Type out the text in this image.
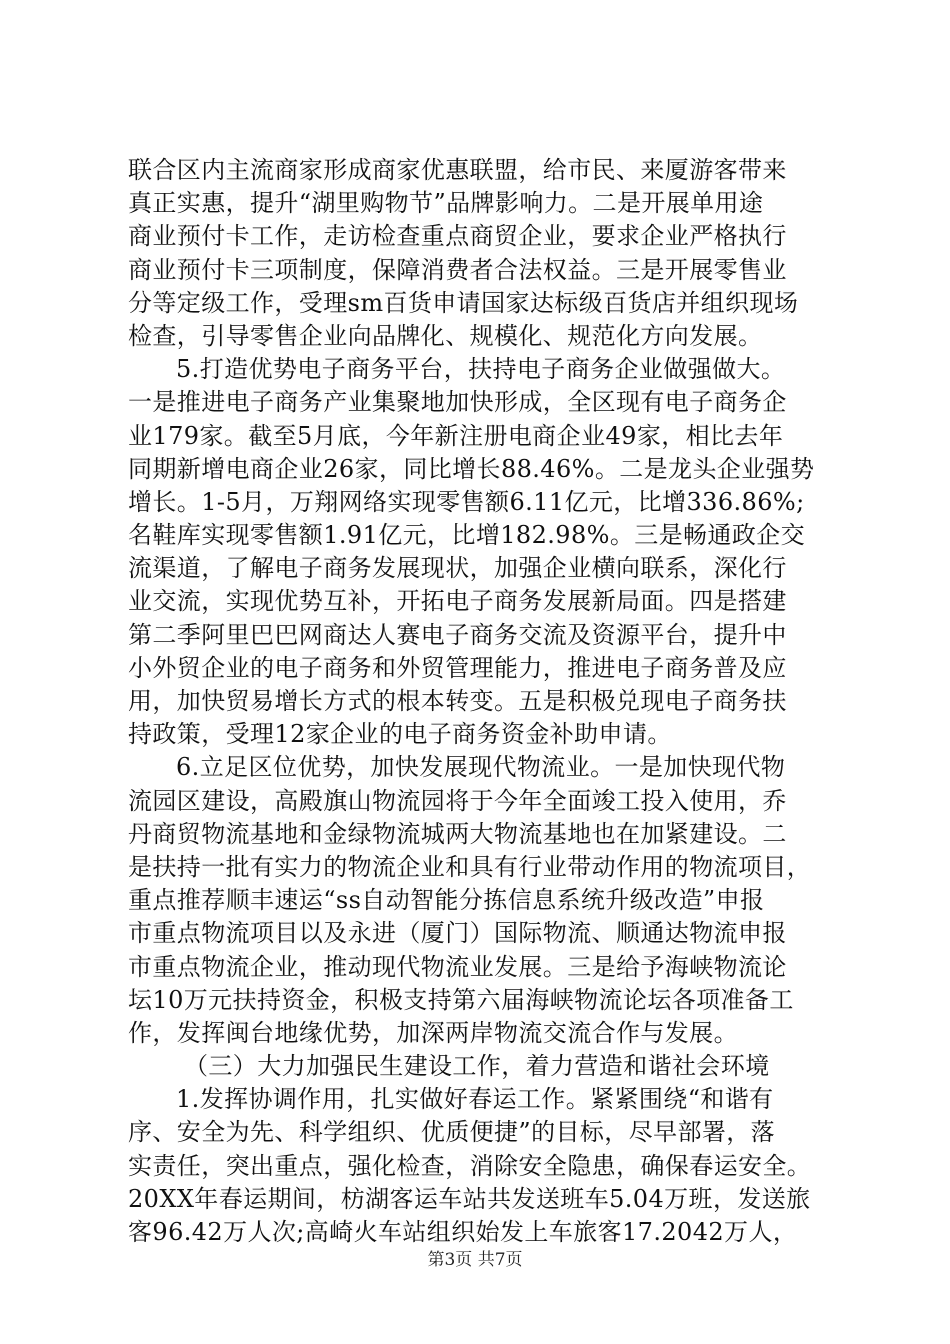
联合区内主流商家形成商家优惠联盟，给市民、来厦游客带来
真正实惠，提升“湖里购物节”品牌影响力。二是开展单用途
商业预付卡工作，走访检查重点商贸企业，要求企业严格执行
商业预付卡三项制度，保障消费者合法权益。三是开展零售业
分等定级工作，受理sm百货申请国家达标级百货店并组织现场
检查，引导零售企业向品牌化、规模化、规范化方向发展。
5.打造优势电子商务平台，扶持电子商务企业做强做大。
一是推进电子商务产业集聚地加快形成，全区现有电子商务企
业179家。截至5月底，今年新注册电商企业49家，相比去年
同期新增电商企业26家，同比增长88.46%。二是龙头企业强势
增长。1-5月，万翔网络实现零售额6.11亿元，比增336.86%;
名鞋库实现零售额1.91亿元，比增182.98%。三是畅通政企交
流渠道，了解电子商务发展现状，加强企业横向联系，深化行
业交流，实现优势互补，开拓电子商务发展新局面。四是搭建
第二季阿里巴巴网商达人赛电子商务交流及资源平台，提升中
小外贸企业的电子商务和外贸管理能力，推进电子商务普及应
用，加快贸易增长方式的根本转变。五是积极兑现电子商务扶
持政策，受理12家企业的电子商务资金补助申请。
6.立足区位优势，加快发展现代物流业。一是加快现代物
流园区建设，高殿旗山物流园将于今年全面竣工投入使用，乔
丹商贸物流基地和金绿物流城两大物流基地也在加紧建设。二
是扶持一批有实力的物流企业和具有行业带动作用的物流项目，
重点推荐顺丰速运“ss自动智能分拣信息系统升级改造”申报
市重点物流项目以及永进（厦门）国际物流、顺通达物流申报
市重点物流企业，推动现代物流业发展。三是给予海峡物流论
坛10万元扶持资金，积极支持第六届海峡物流论坛各项准备工
作，发挥闽台地缘优势，加深两岸物流交流合作与发展。
（三）大力加强民生建设工作，着力营造和谐社会环境
1.发挥协调作用，扎实做好春运工作。紧紧围绕“和谐有
序、安全为先、科学组织、优质便捷”的目标，尽早部署，落
实责任，突出重点，强化检查，消除安全隐患，确保春运安全。
20XX年春运期间，枋湖客运车站共发送班车5.04万班，发送旅
客96.42万人次;高崎火车站组织始发上车旅客17.2042万人，
第3页 共7页
